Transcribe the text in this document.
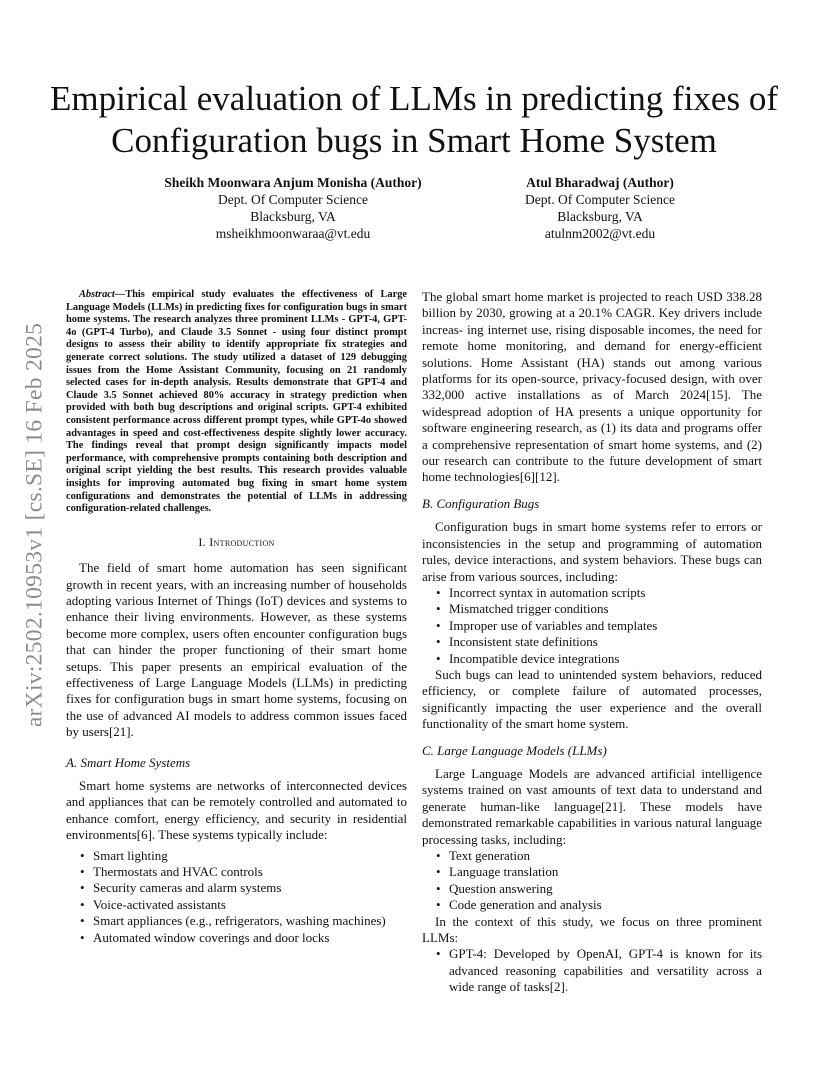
arXiv:2502.10953v1 [cs.SE] 16 Feb 2025
Empirical evaluation of LLMs in predicting fixes of
Configuration bugs in Smart Home System
Sheikh Moonwara Anjum Monisha (Author)
Dept. Of Computer Science
Blacksburg, VA
msheikhmoonwaraa@vt.edu
Atul Bharadwaj (Author)
Dept. Of Computer Science
Blacksburg, VA
atulnm2002@vt.edu

Abstract—This empirical study evaluates the effectiveness of Large Language Models (LLMs) in predicting fixes for configuration bugs in smart home systems. The research analyzes three prominent LLMs - GPT-4, GPT-4o (GPT-4 Turbo), and Claude 3.5 Sonnet - using four distinct prompt designs to assess their ability to identify appropriate fix strategies and generate correct solutions. The study utilized a dataset of 129 debugging issues from the Home Assistant Community, focusing on 21 randomly selected cases for in-depth analysis. Results demonstrate that GPT-4 and Claude 3.5 Sonnet achieved 80% accuracy in strategy prediction when provided with both bug descriptions and original scripts. GPT-4 exhibited consistent performance across different prompt types, while GPT-4o showed advantages in speed and cost-effectiveness despite slightly lower accuracy. The findings reveal that prompt design significantly impacts model performance, with comprehensive prompts containing both description and original script yielding the best results. This research provides valuable insights for improving automated bug fixing in smart home system configurations and demonstrates the potential of LLMs in addressing configuration-related challenges.

I. Introduction

The field of smart home automation has seen significant growth in recent years, with an increasing number of households adopting various Internet of Things (IoT) devices and systems to enhance their living environments. However, as these systems become more complex, users often encounter configuration bugs that can hinder the proper functioning of their smart home setups. This paper presents an empirical evaluation of the effectiveness of Large Language Models (LLMs) in predicting fixes for configuration bugs in smart home systems, focusing on the use of advanced AI models to address common issues faced by users[21].

A. Smart Home Systems

Smart home systems are networks of interconnected devices and appliances that can be remotely controlled and automated to enhance comfort, energy efficiency, and security in residential environments[6]. These systems typically include:

• Smart lighting
• Thermostats and HVAC controls
• Security cameras and alarm systems
• Voice-activated assistants
• Smart appliances (e.g., refrigerators, washing machines)
• Automated window coverings and door locks

The global smart home market is projected to reach USD 338.28 billion by 2030, growing at a 20.1% CAGR. Key drivers include increas- ing internet use, rising disposable incomes, the need for remote home monitoring, and demand for energy-efficient solutions. Home Assistant (HA) stands out among various platforms for its open-source, privacy-focused design, with over 332,000 active installations as of March 2024[15]. The widespread adoption of HA presents a unique opportunity for software engineering research, as (1) its data and programs offer a comprehensive representation of smart home systems, and (2) our research can contribute to the future development of smart home technologies[6][12].

B. Configuration Bugs

Configuration bugs in smart home systems refer to errors or inconsistencies in the setup and programming of automation rules, device interactions, and system behaviors. These bugs can arise from various sources, including:

• Incorrect syntax in automation scripts
• Mismatched trigger conditions
• Improper use of variables and templates
• Inconsistent state definitions
• Incompatible device integrations

Such bugs can lead to unintended system behaviors, reduced efficiency, or complete failure of automated processes, significantly impacting the user experience and the overall functionality of the smart home system.

C. Large Language Models (LLMs)

Large Language Models are advanced artificial intelligence systems trained on vast amounts of text data to understand and generate human-like language[21]. These models have demonstrated remarkable capabilities in various natural language processing tasks, including:

• Text generation
• Language translation
• Question answering
• Code generation and analysis

In the context of this study, we focus on three prominent LLMs:

• GPT-4: Developed by OpenAI, GPT-4 is known for its advanced reasoning capabilities and versatility across a wide range of tasks[2].
